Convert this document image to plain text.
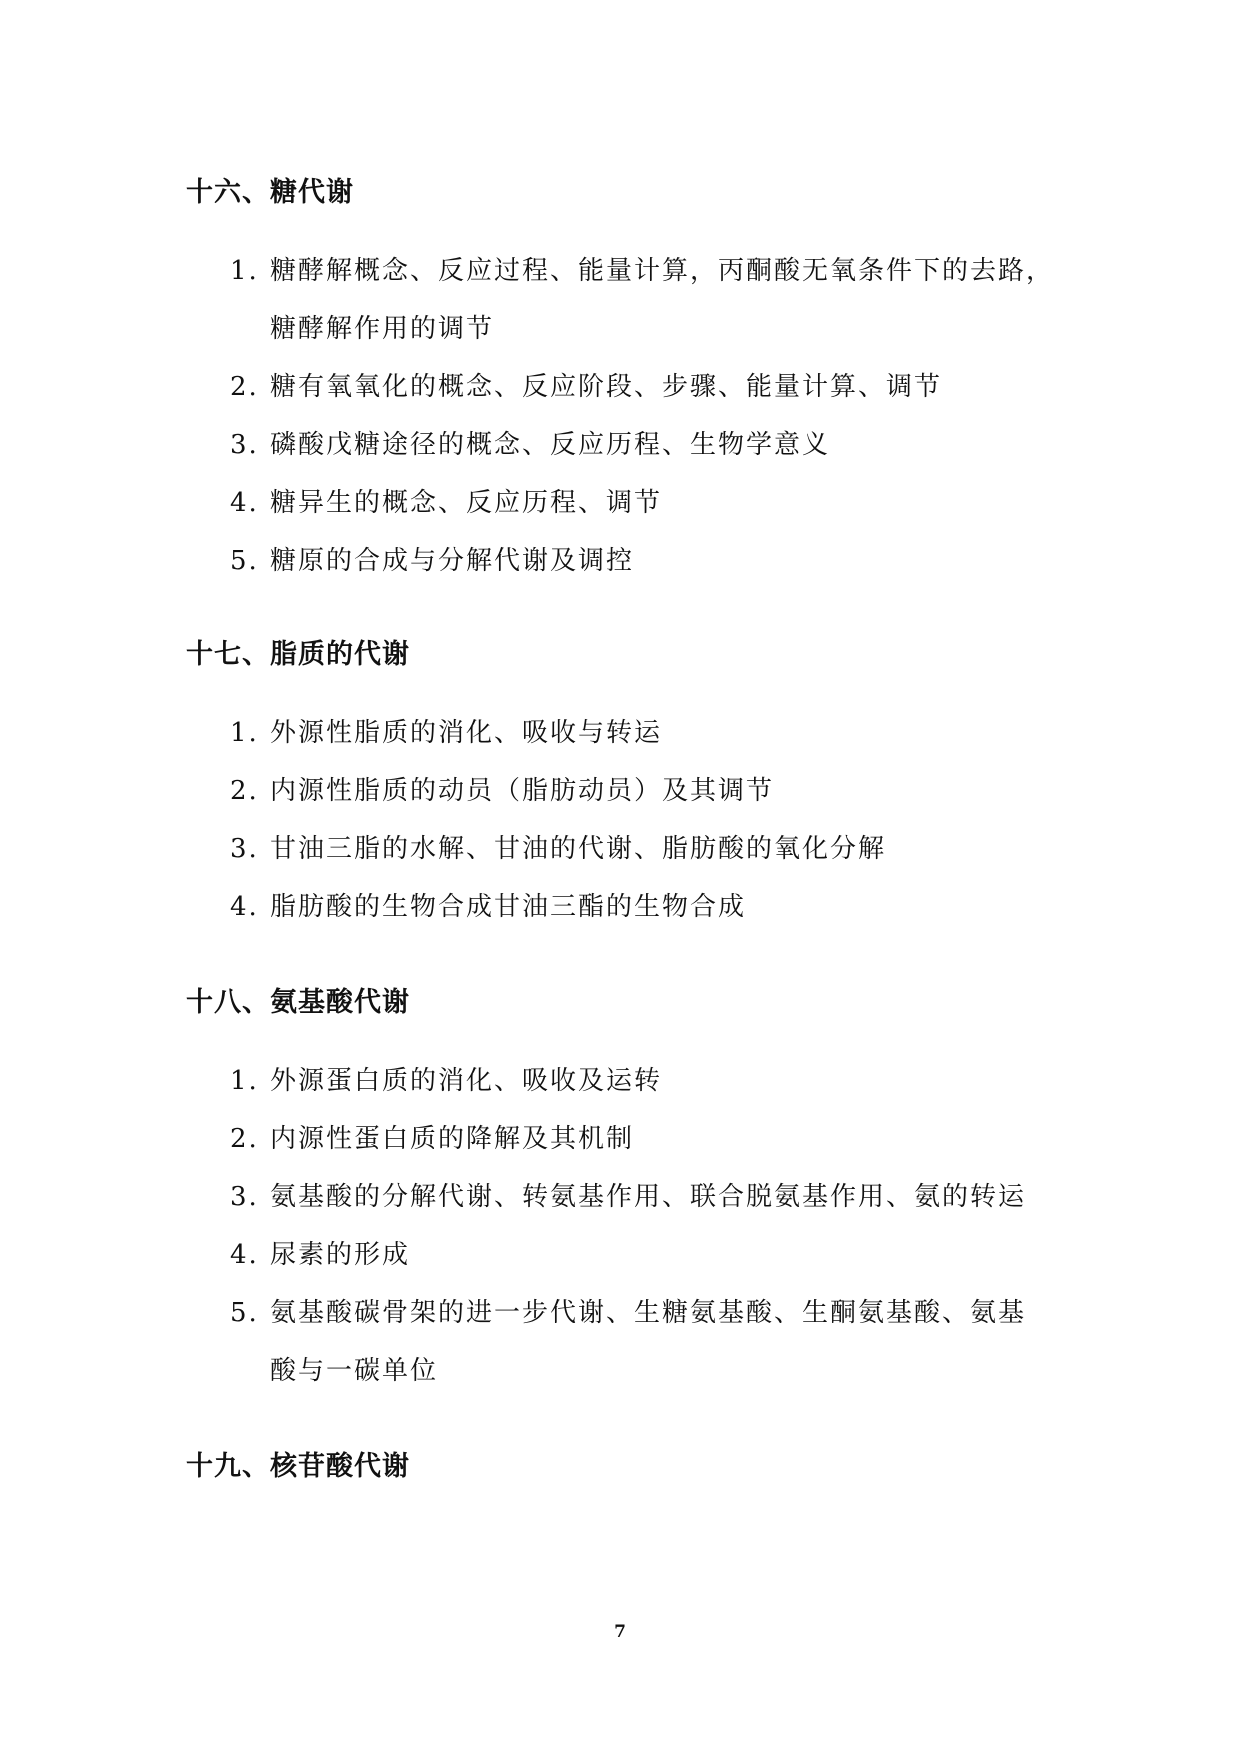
十六、糖代谢
1. 糖酵解概念、反应过程、能量计算，丙酮酸无氧条件下的去路，
糖酵解作用的调节
2. 糖有氧氧化的概念、反应阶段、步骤、能量计算、调节
3. 磷酸戊糖途径的概念、反应历程、生物学意义
4. 糖异生的概念、反应历程、调节
5. 糖原的合成与分解代谢及调控
十七、脂质的代谢
1. 外源性脂质的消化、吸收与转运
2. 内源性脂质的动员（脂肪动员）及其调节
3. 甘油三脂的水解、甘油的代谢、脂肪酸的氧化分解
4. 脂肪酸的生物合成甘油三酯的生物合成
十八、氨基酸代谢
1. 外源蛋白质的消化、吸收及运转
2. 内源性蛋白质的降解及其机制
3. 氨基酸的分解代谢、转氨基作用、联合脱氨基作用、氨的转运
4. 尿素的形成
5. 氨基酸碳骨架的进一步代谢、生糖氨基酸、生酮氨基酸、氨基
酸与一碳单位
十九、核苷酸代谢
7
